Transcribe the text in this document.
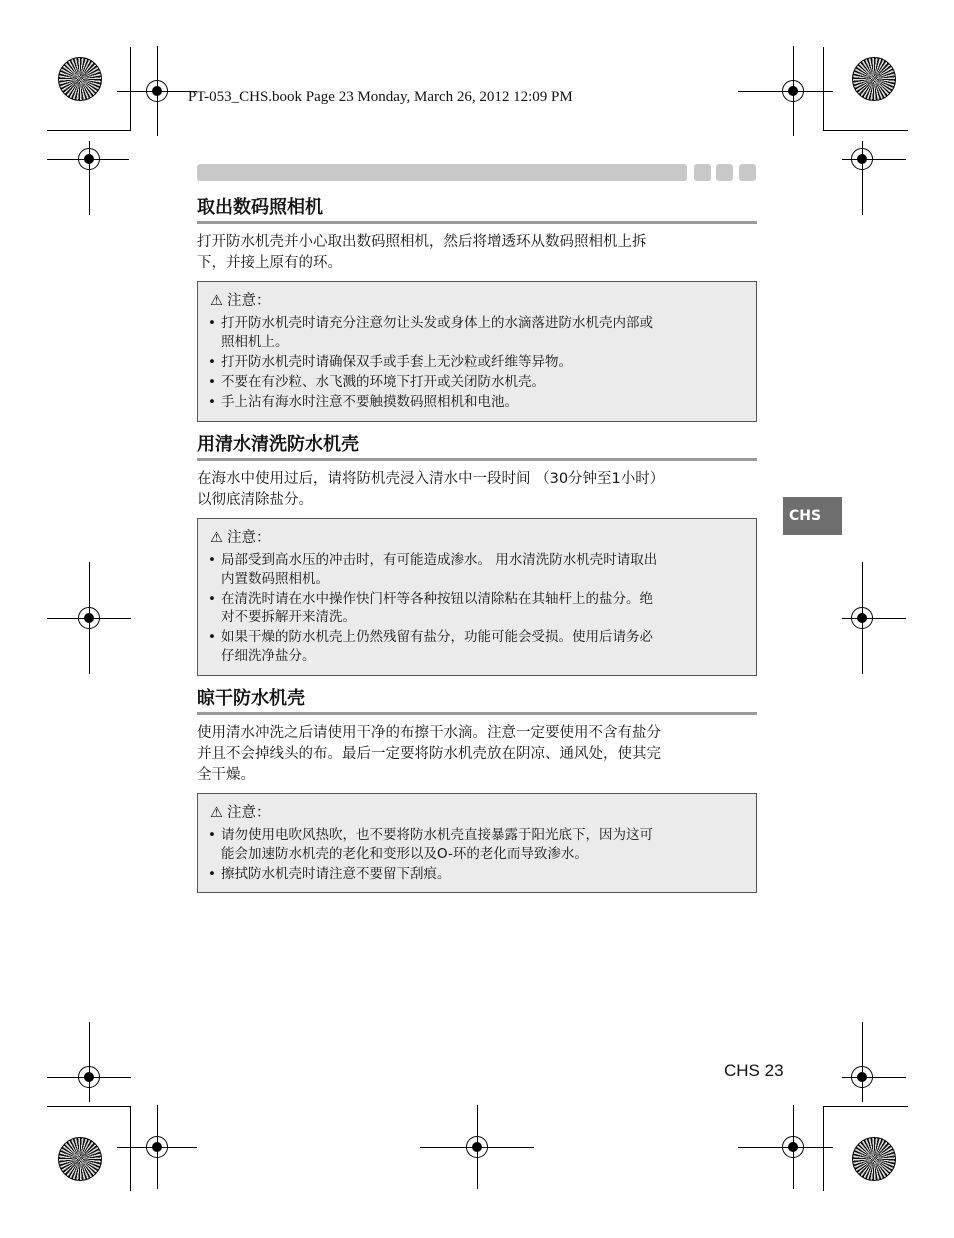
PT-053_CHS.book Page 23 Monday, March 26, 2012 12:09 PM
取出数码照相机

打开防水机壳并小心取出数码照相机，然后将增透环从数码照相机上拆

下，并接上原有的环。

⚠ 注意：
• 打开防水机壳时请充分注意勿让头发或身体上的水滴落进防水机壳内部或
照相机上。
• 打开防水机壳时请确保双手或手套上无沙粒或纤维等异物。
• 不要在有沙粒、水飞溅的环境下打开或关闭防水机壳。
• 手上沾有海水时注意不要触摸数码照相机和电池。
用清水清洗防水机壳

在海水中使用过后，请将防机壳浸入清水中一段时间 （30分钟至1小时）

以彻底清除盐分。

⚠ 注意：
• 局部受到高水压的冲击时，有可能造成渗水。 用水清洗防水机壳时请取出
内置数码照相机。
• 在清洗时请在水中操作快门杆等各种按钮以清除粘在其轴杆上的盐分。绝
对不要拆解开来清洗。
• 如果干燥的防水机壳上仍然残留有盐分，功能可能会受损。使用后请务必
仔细洗净盐分。
晾干防水机壳

使用清水冲洗之后请使用干净的布擦干水滴。注意一定要使用不含有盐分

并且不会掉线头的布。最后一定要将防水机壳放在阴凉、通风处，使其完

全干燥。

⚠ 注意：
• 请勿使用电吹风热吹，也不要将防水机壳直接暴露于阳光底下，因为这可
能会加速防水机壳的老化和变形以及O-环的老化而导致渗水。
• 擦拭防水机壳时请注意不要留下刮痕。
CHS
CHS 23
